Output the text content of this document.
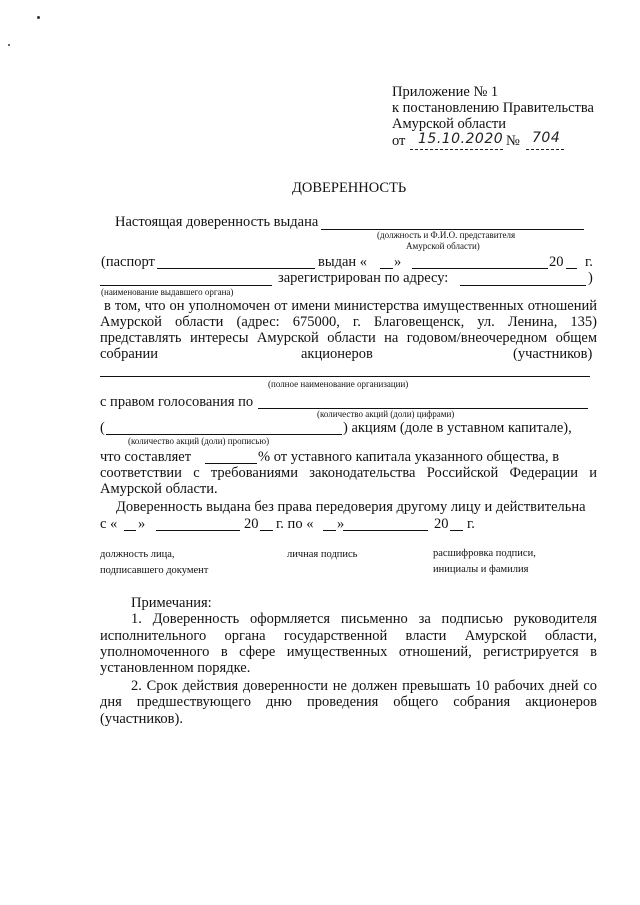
Приложение № 1
к постановлению Правительства
Амурской области
от 15.10.2020 № 704
ДОВЕРЕННОСТЬ
Настоящая доверенность выдана
(должность и Ф.И.О. представителя
Амурской области)
(паспорт	выдан « »	20 г.
зарегистрирован по адресу:	)
(наименование выдавшего органа)
в том, что он уполномочен от имени министерства имущественных отношений
Амурской области (адрес: 675000, г. Благовещенск, ул. Ленина, 135)
представлять интересы Амурской области на годовом/внеочередном общем
собрании	акционеров	(участников)
(полное наименование организации)
с правом голосования по
(количество акций (доли) цифрами)
(	) акциям (доле в уставном капитале),
(количество акций (доли) прописью)
что составляет	% от уставного капитала указанного общества, в
соответствии с требованиями законодательства Российской Федерации и
Амурской области.
Доверенность выдана без права передоверия другому лицу и действительна
с « »	20 г. по « »	20 г.
должность лица,
подписавшего документ
личная подпись	расшифровка подписи,
инициалы и фамилия
Примечания:
1. Доверенность оформляется письменно за подписью руководителя
исполнительного органа государственной власти Амурской области,
уполномоченного в сфере имущественных отношений, регистрируется в
установленном порядке.
2. Срок действия доверенности не должен превышать 10 рабочих дней со
дня предшествующего дню проведения общего собрания акционеров
(участников).
